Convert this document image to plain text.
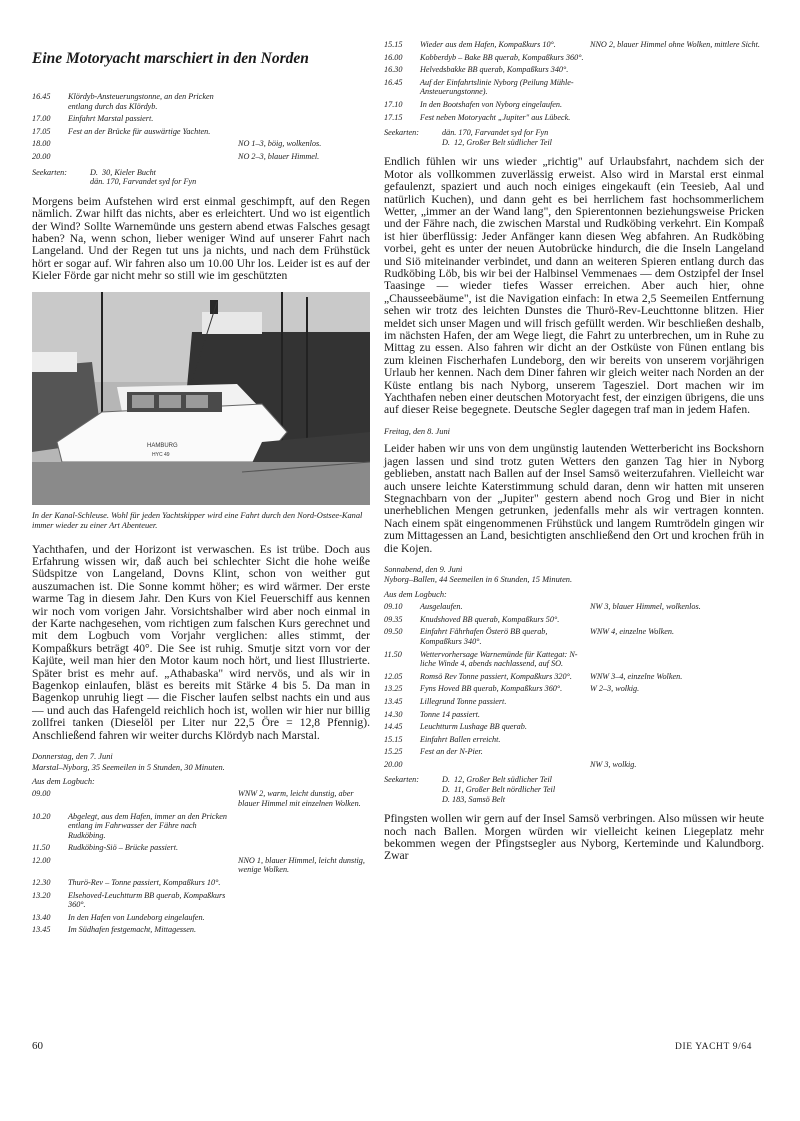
Eine Motoryacht marschiert in den Norden
16.45	Klördyb-Ansteuerungstonne, an den Pricken entlang durch das Klördyb.	
17.00	Einfahrt Marstal passiert.	
17.05	Fest an der Brücke für auswärtige Yachten.	
18.00		NO 1–3, böig, wolkenlos.
20.00		NO 2–3, blauer Himmel.
Seekarten:	D.  30, Kieler Bucht
dän. 170, Farvandet syd for Fyn

Morgens beim Aufstehen wird erst einmal geschimpft, auf den Regen nämlich. Zwar hilft das nichts, aber es erleichtert. Und wo ist eigentlich der Wind? Sollte Warnemünde uns gestern abend etwas Falsches gesagt haben? Na, wenn schon, lieber weniger Wind auf unserer Fahrt nach Langeland. Und der Regen tut uns ja nichts, und nach dem Frühstück hört er sogar auf. Wir fahren also um 10.00 Uhr los. Leider ist es auf der Kieler Förde gar nicht mehr so still wie im geschützten

HAMBURG
HYC 49
In der Kanal-Schleuse. Wohl für jeden Yachtskipper wird eine Fahrt durch den Nord-Ostsee-Kanal immer wieder zu einer Art Abenteuer.

Yachthafen, und der Horizont ist verwaschen. Es ist trübe. Doch aus Erfahrung wissen wir, daß auch bei schlechter Sicht die hohe weiße Südspitze von Langeland, Dovns Klint, schon von weither gut auszumachen ist. Die Sonne kommt höher; es wird wärmer. Der erste warme Tag in diesem Jahr. Den Kurs von Kiel Feuerschiff aus kennen wir noch vom vorigen Jahr. Vorsichtshalber wird aber noch einmal in der Karte nachgesehen, vom richtigen zum falschen Kurs gerechnet und mit dem Logbuch vom Vorjahr verglichen: alles stimmt, der Kompaßkurs beträgt 40°. Die See ist ruhig. Smutje sitzt vorn vor der Kajüte, weil man hier den Motor kaum noch hört, und liest Illustrierte. Später brist es mehr auf. „Athabaska" wird nervös, und als wir in Bagenkop einlaufen, bläst es bereits mit Stärke 4 bis 5. Da man in Bagenkop unruhig liegt — die Fischer laufen selbst nachts ein und aus — und auch das Hafengeld reichlich hoch ist, wollen wir hier nur billig zollfrei tanken (Dieselöl per Liter nur 22,5 Öre = 12,8 Pfennig). Anschließend fahren wir weiter durchs Klördyb nach Marstal.

Donnerstag, den 7. Juni
Marstal–Nyborg, 35 Seemeilen in 5 Stunden, 30 Minuten.
Aus dem Logbuch:
09.00		WNW 2, warm, leicht dunstig, aber blauer Himmel mit einzelnen Wolken.
10.20	Abgelegt, aus dem Hafen, immer an den Pricken entlang im Fahrwasser der Fähre nach Rudköbing.	
11.50	Rudköbing-Siö – Brücke passiert.	
12.00		NNO 1, blauer Himmel, leicht dunstig, wenige Wolken.
12.30	Thurö-Rev – Tonne passiert, Kompaßkurs 10°.	
13.20	Elsehoved-Leuchtturm BB querab, Kompaßkurs 360°.	
13.40	In den Hafen von Lundeborg eingelaufen.	
13.45	Im Südhafen festgemacht, Mittagessen.	
15.15	Wieder aus dem Hafen, Kompaßkurs 10°.	NNO 2, blauer Himmel ohne Wolken, mittlere Sicht.
16.00	Kobberdyb – Bake BB querab, Kompaßkurs 360°.	
16.30	Helvedsbakke BB querab, Kompaßkurs 340°.	
16.45	Auf der Einfahrtslinie Nyborg (Peilung Mühle-Ansteuerungstonne).	
17.10	In den Bootshafen von Nyborg eingelaufen.	
17.15	Fest neben Motoryacht „Jupiter" aus Lübeck.	
Seekarten:	dän. 170, Farvandet syd for Fyn
D.  12, Großer Belt südlicher Teil

Endlich fühlen wir uns wieder „richtig" auf Urlaubsfahrt, nachdem sich der Motor als vollkommen zuverlässig erweist. Also wird in Marstal erst einmal gefaulenzt, spaziert und auch noch einiges eingekauft (ein Teesieb, Aal und natürlich Kuchen), und dann geht es bei herrlichem fast hochsommerlichem Wetter, „immer an der Wand lang", den Spierentonnen beziehungsweise Pricken und der Fähre nach, die zwischen Marstal und Rudköbing verkehrt. Ein Kompaß ist hier überflüssig: Jeder Anfänger kann diesen Weg abfahren. An Rudköbing vorbei, geht es unter der neuen Autobrücke hindurch, die die Inseln Langeland und Siö miteinander verbindet, und dann an weiteren Spieren entlang durch das Rudköbing Löb, bis wir bei der Halbinsel Vemmenaes — dem Ostzipfel der Insel Taasinge — wieder tiefes Wasser erreichen. Aber auch hier, ohne „Chausseebäume", ist die Navigation einfach: In etwa 2,5 Seemeilen Entfernung sehen wir trotz des leichten Dunstes die Thurö-Rev-Leuchttonne blitzen. Hier meldet sich unser Magen und will frisch gefüllt werden. Wir beschließen deshalb, im nächsten Hafen, der am Wege liegt, die Fahrt zu unterbrechen, um in Ruhe zu Mittag zu essen. Also fahren wir dicht an der Ostküste von Fünen entlang bis zum kleinen Fischerhafen Lundeborg, den wir bereits von unserem vorjährigen Urlaub her kennen. Nach dem Diner fahren wir gleich weiter nach Norden an der Küste entlang bis nach Nyborg, unserem Tagesziel. Dort machen wir im Yachthafen neben einer deutschen Motoryacht fest, der einzigen übrigens, die uns auf dieser Reise begegnete. Deutsche Segler dagegen traf man in jedem Hafen.

Freitag, den 8. Juni

Leider haben wir uns von dem ungünstig lautenden Wetterbericht ins Bockshorn jagen lassen und sind trotz guten Wetters den ganzen Tag hier in Nyborg geblieben, anstatt nach Ballen auf der Insel Samsö weiterzufahren. Vielleicht war auch unsere leichte Katerstimmung schuld daran, denn wir hatten mit unseren Stegnachbarn von der „Jupiter" gestern abend noch Grog und Bier in nicht unerheblichen Mengen getrunken, jedenfalls mehr als wir vertragen konnten. Nach einem spät eingenommenen Frühstück und langem Rumtrödeln gingen wir zum Mittagessen an Land, besichtigten anschließend den Ort und krochen früh in die Kojen.

Sonnabend, den 9. Juni
Nyborg–Ballen, 44 Seemeilen in 6 Stunden, 15 Minuten.
Aus dem Logbuch:
09.10	Ausgelaufen.	NW 3, blauer Himmel, wolkenlos.
09.35	Knudshoved BB querab, Kompaßkurs 50°.	
09.50	Einfahrt Fährhafen Österö BB querab, Kompaßkurs 340°.	WNW 4, einzelne Wolken.
11.50	Wettervorhersage Warnemünde für Kattegat: N-liche Winde 4, abends nachlassend, auf SO.	
12.05	Romsö Rev Tonne passiert, Kompaßkurs 320°.	WNW 3–4, einzelne Wolken.
13.25	Fyns Hoved BB querab, Kompaßkurs 360°.	W 2–3, wolkig.
13.45	Lillegrund Tonne passiert.	
14.30	Tonne 14 passiert.	
14.45	Leuchtturm Lushage BB querab.	
15.15	Einfahrt Ballen erreicht.	
15.25	Fest an der N-Pier.	
20.00		NW 3, wolkig.
Seekarten:	D.  12, Großer Belt südlicher Teil
D.  11, Großer Belt nördlicher Teil
D. 183, Samsö Belt

Pfingsten wollen wir gern auf der Insel Samsö verbringen. Also müssen wir heute noch nach Ballen. Morgen würden wir vielleicht keinen Liegeplatz mehr bekommen wegen der Pfingstsegler aus Nyborg, Kerteminde und Kalundborg. Zwar

60	DIE YACHT 9/64
